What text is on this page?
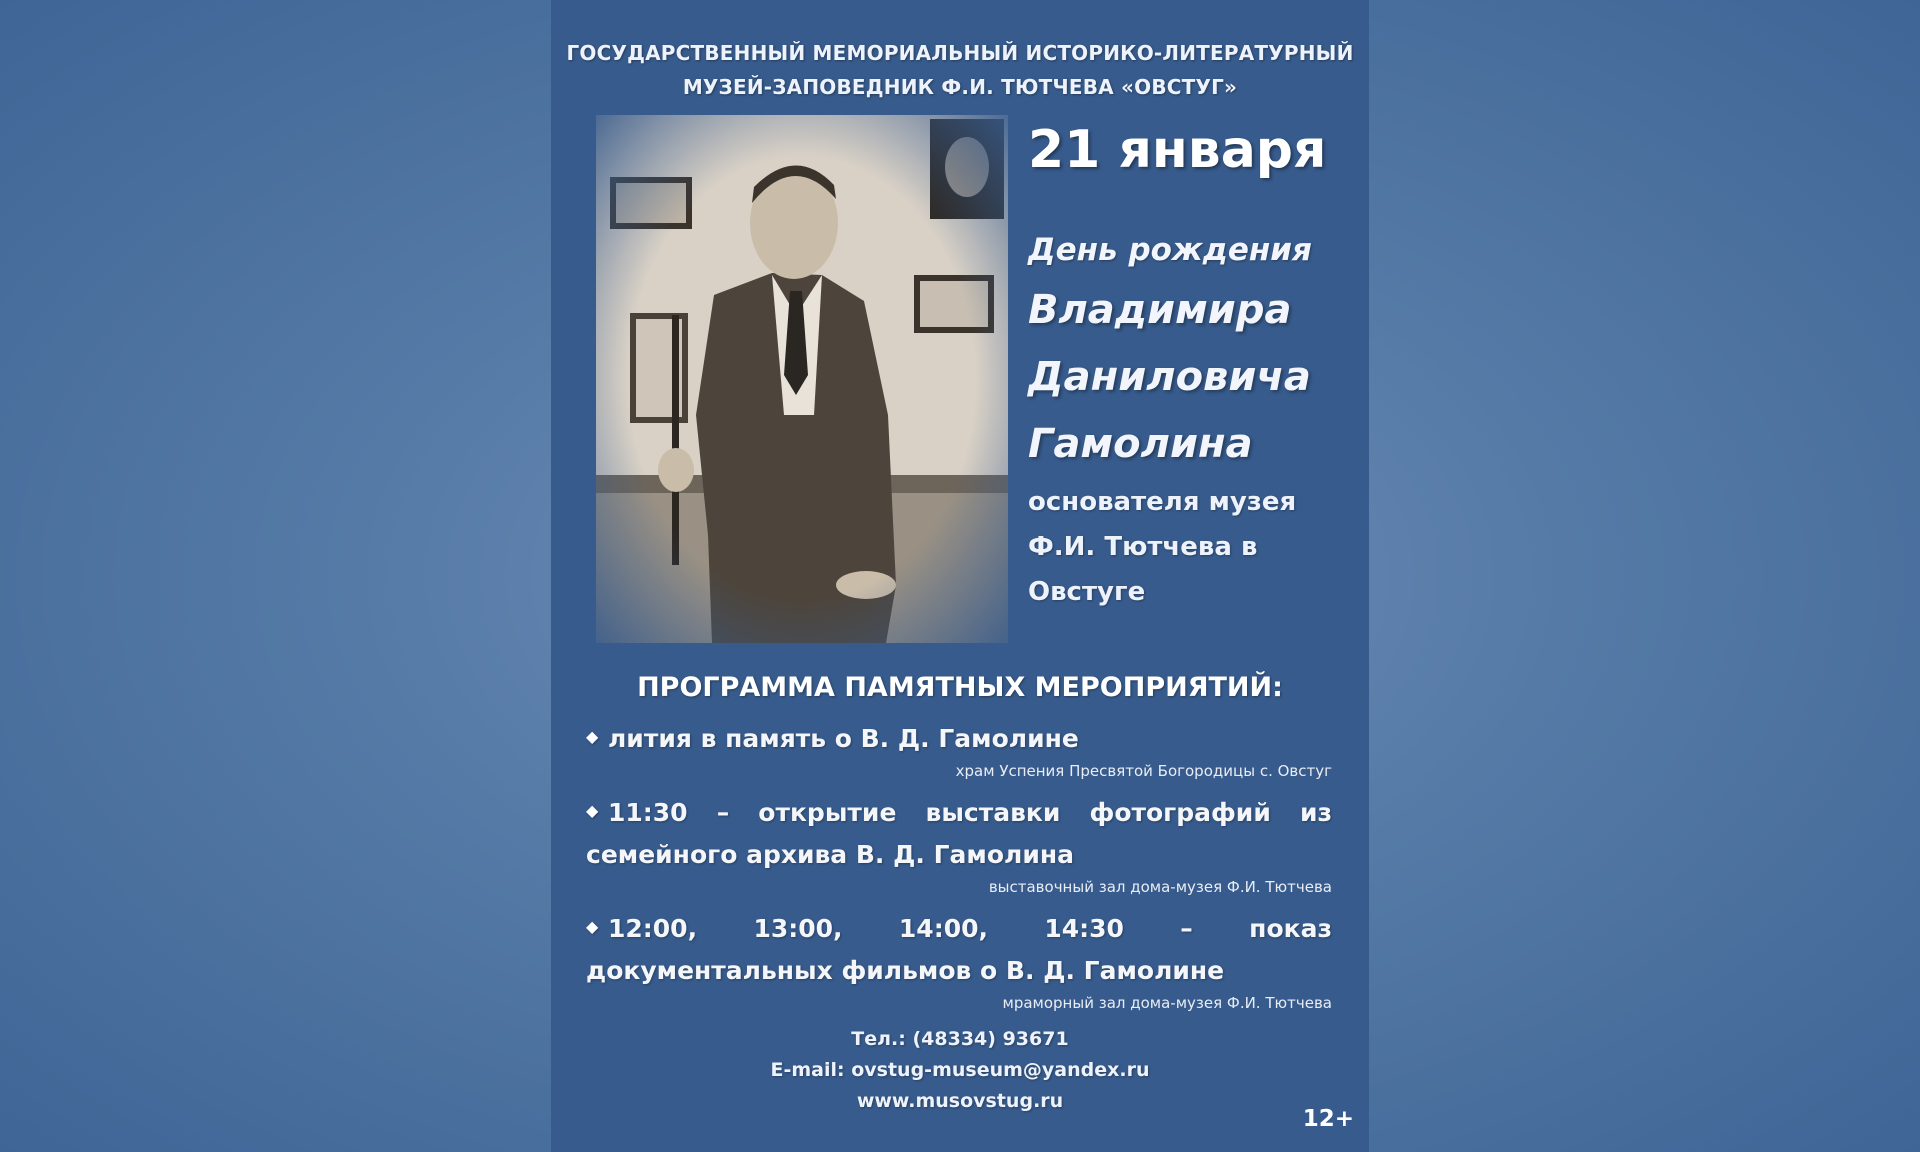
ГОСУДАРСТВЕННЫЙ МЕМОРИАЛЬНЫЙ ИСТОРИКО-ЛИТЕРАТУРНЫЙ
МУЗЕЙ-ЗАПОВЕДНИК Ф.И. ТЮТЧЕВА «ОВСТУГ»
21 января
День рождения
Владимира
Даниловича
Гамолина
основателя музея
Ф.И. Тютчева в
Овстуге
ПРОГРАММА ПАМЯТНЫХ МЕРОПРИЯТИЙ:
◆ лития в память о В. Д. Гамолине
храм Успения Пресвятой Богородицы с. Овстуг
◆ 11:30 – открытие выставки фотографий из семейного архива В. Д. Гамолина
выставочный зал дома-музея Ф.И. Тютчева
◆ 12:00, 13:00, 14:00, 14:30 – показ документальных фильмов о В. Д. Гамолине
мраморный зал дома-музея Ф.И. Тютчева
Тел.: (48334) 93671
E-mail: ovstug-museum@yandex.ru
www.musovstug.ru
12+
